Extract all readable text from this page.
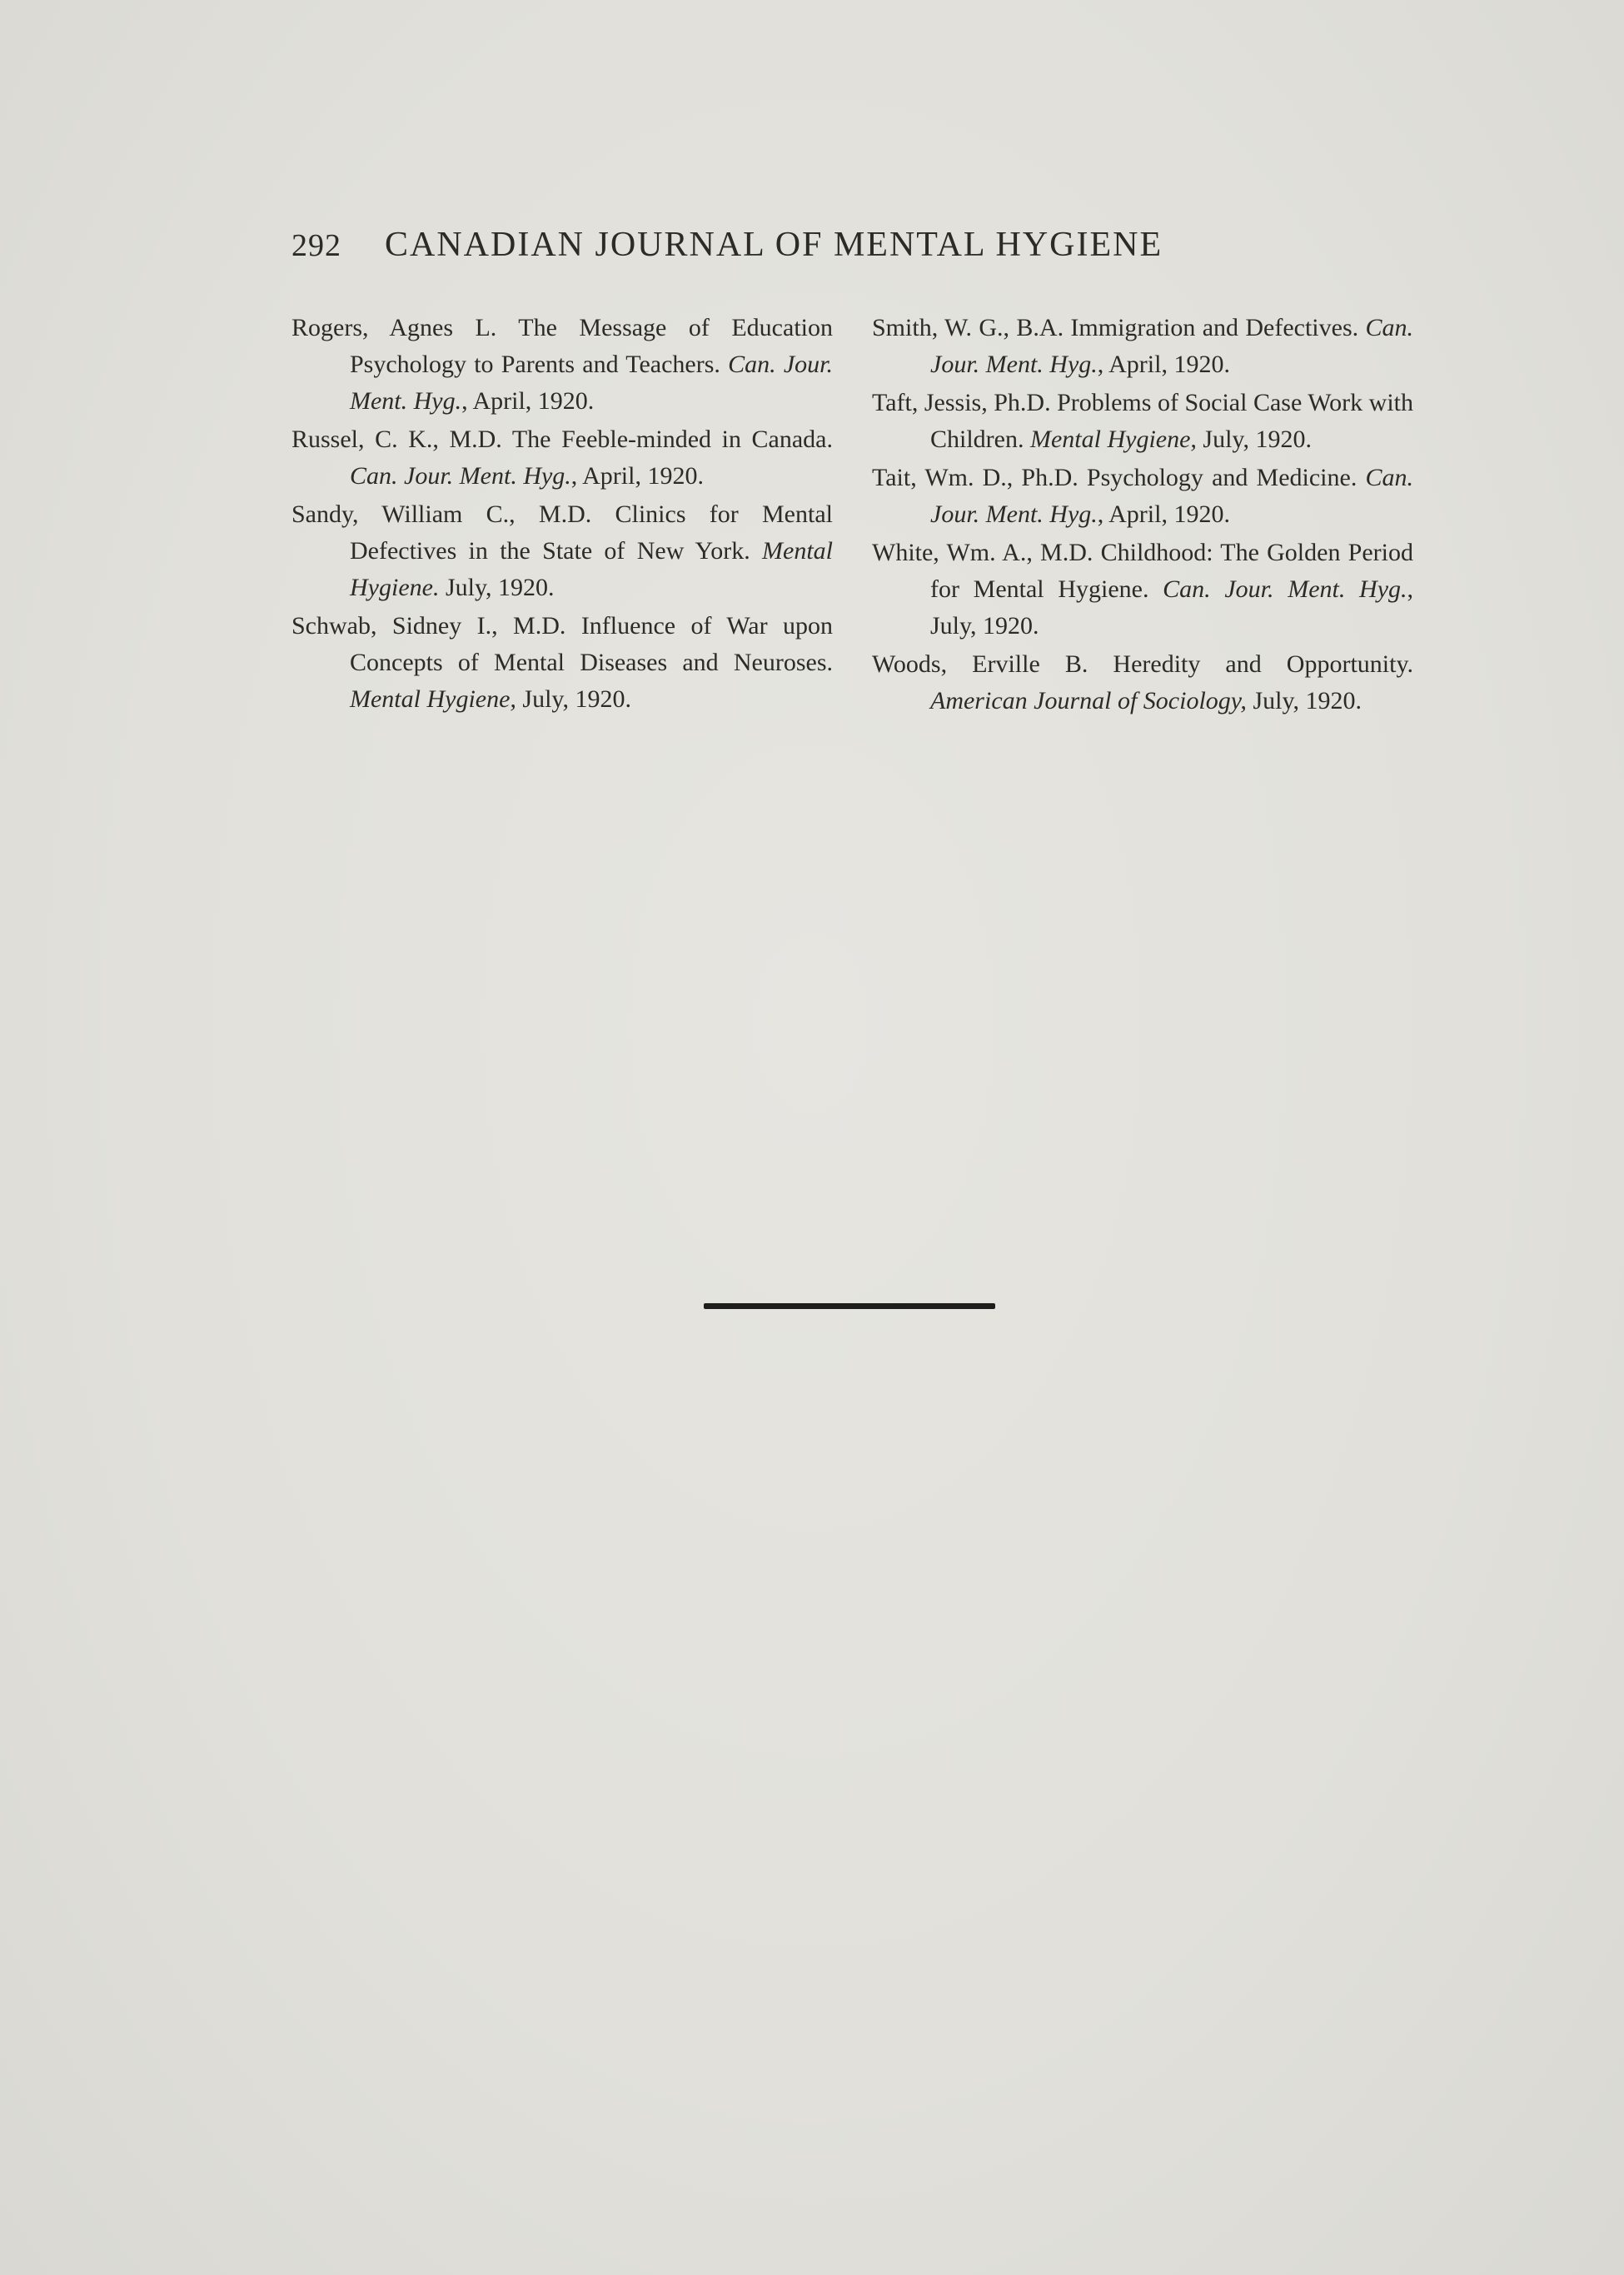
292 CANADIAN JOURNAL OF MENTAL HYGIENE

Rogers, Agnes L. The Message of Education Psychology to Parents and Teachers. Can. Jour. Ment. Hyg., April, 1920.

Russel, C. K., M.D. The Feeble-minded in Canada. Can. Jour. Ment. Hyg., April, 1920.

Sandy, William C., M.D. Clinics for Mental Defectives in the State of New York. Mental Hygiene. July, 1920.

Schwab, Sidney I., M.D. Influence of War upon Concepts of Mental Diseases and Neuroses. Mental Hygiene, July, 1920.

Smith, W. G., B.A. Immigration and Defectives. Can. Jour. Ment. Hyg., April, 1920.

Taft, Jessis, Ph.D. Problems of Social Case Work with Children. Mental Hygiene, July, 1920.

Tait, Wm. D., Ph.D. Psychology and Medicine. Can. Jour. Ment. Hyg., April, 1920.

White, Wm. A., M.D. Childhood: The Golden Period for Mental Hygiene. Can. Jour. Ment. Hyg., July, 1920.

Woods, Erville B. Heredity and Opportunity. American Journal of Sociology, July, 1920.
